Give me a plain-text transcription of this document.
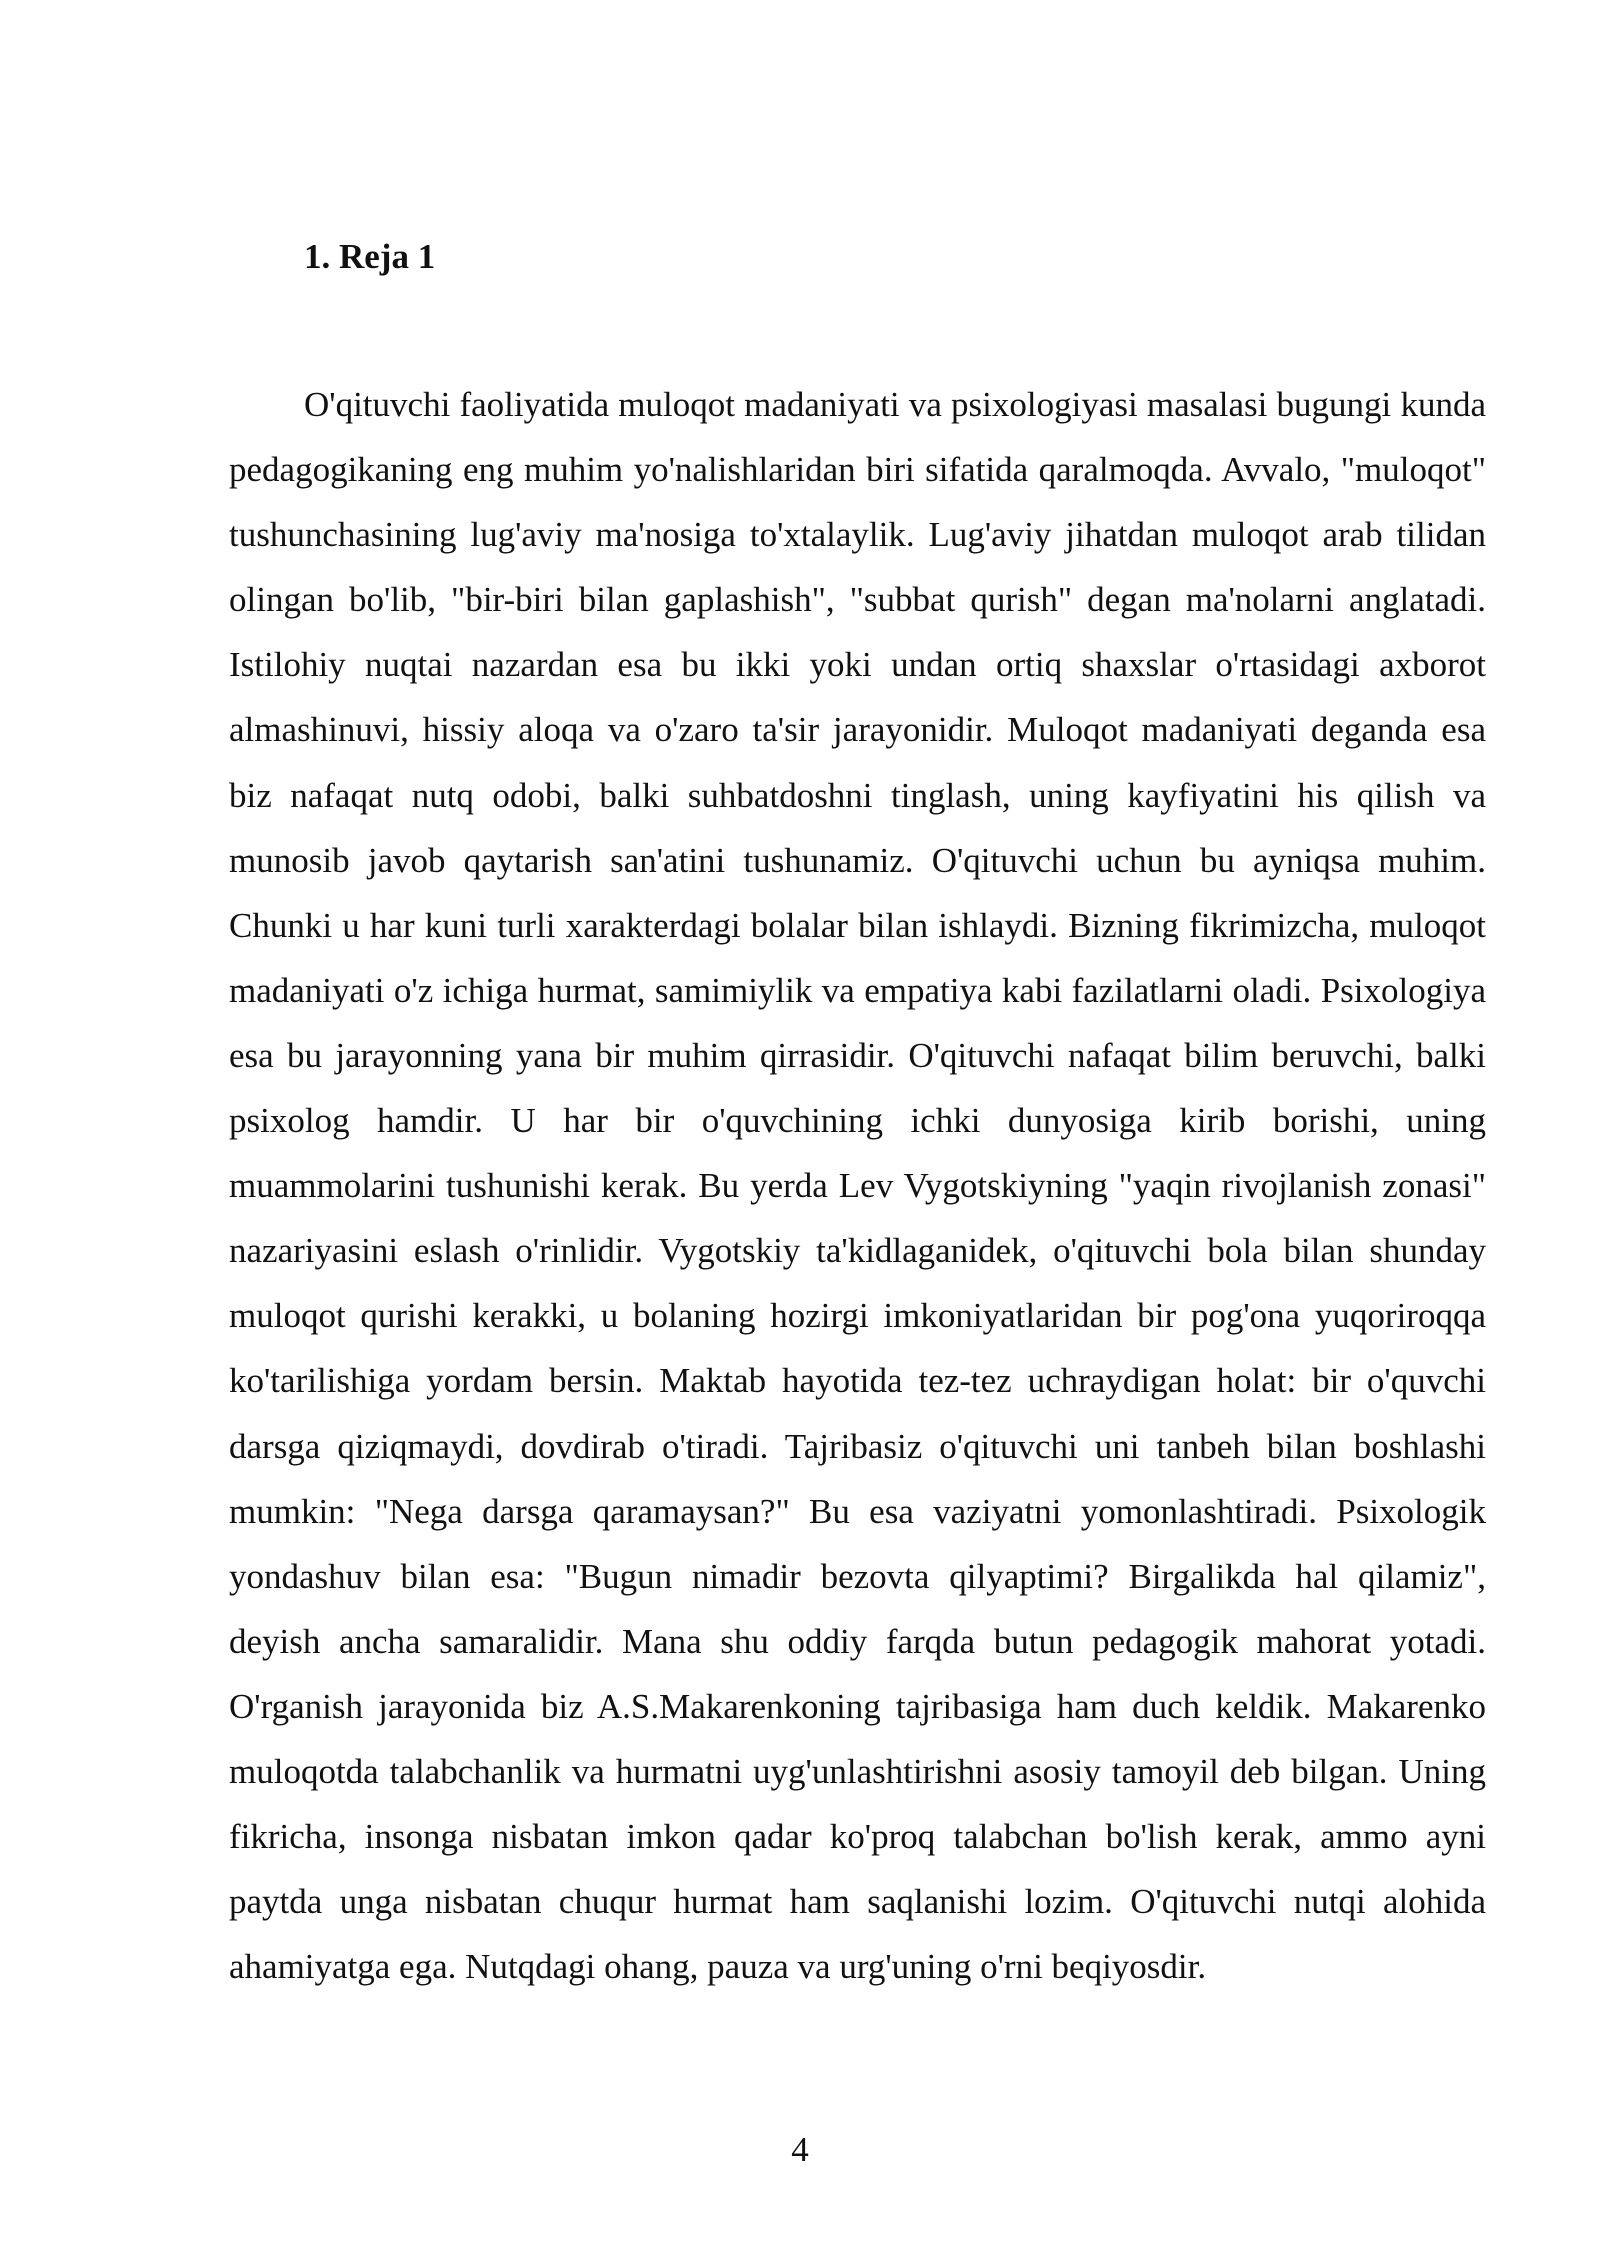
1. Reja 1

O'qituvchi faoliyatida muloqot madaniyati va psixologiyasi masalasi bugungi kunda pedagogikaning eng muhim yo'nalishlaridan biri sifatida qaralmoqda. Avvalo, "muloqot" tushunchasining lug'aviy ma'nosiga to'xtalaylik. Lug'aviy jihatdan muloqot arab tilidan olingan bo'lib, "bir-biri bilan gaplashish", "subbat qurish" degan ma'nolarni anglatadi. Istilohiy nuqtai nazardan esa bu ikki yoki undan ortiq shaxslar o'rtasidagi axborot almashinuvi, hissiy aloqa va o'zaro ta'sir jarayonidir. Muloqot madaniyati deganda esa biz nafaqat nutq odobi, balki suhbatdoshni tinglash, uning kayfiyatini his qilish va munosib javob qaytarish san'atini tushunamiz. O'qituvchi uchun bu ayniqsa muhim. Chunki u har kuni turli xarakterdagi bolalar bilan ishlaydi. Bizning fikrimizcha, muloqot madaniyati o'z ichiga hurmat, samimiylik va empatiya kabi fazilatlarni oladi. Psixologiya esa bu jarayonning yana bir muhim qirrasidir. O'qituvchi nafaqat bilim beruvchi, balki psixolog hamdir. U har bir o'quvchining ichki dunyosiga kirib borishi, uning muammolarini tushunishi kerak. Bu yerda Lev Vygotskiyning "yaqin rivojlanish zonasi" nazariyasini eslash o'rinlidir. Vygotskiy ta'kidlaganidek, o'qituvchi bola bilan shunday muloqot qurishi kerakki, u bolaning hozirgi imkoniyatlaridan bir pog'ona yuqoriroqqa ko'tarilishiga yordam bersin. Maktab hayotida tez-tez uchraydigan holat: bir o'quvchi darsga qiziqmaydi, dovdirab o'tiradi. Tajribasiz o'qituvchi uni tanbeh bilan boshlashi mumkin: "Nega darsga qaramaysan?" Bu esa vaziyatni yomonlashtiradi. Psixologik yondashuv bilan esa: "Bugun nimadir bezovta qilyaptimi? Birgalikda hal qilamiz", deyish ancha samaralidir. Mana shu oddiy farqda butun pedagogik mahorat yotadi. O'rganish jarayonida biz A.S.Makarenkoning tajribasiga ham duch keldik. Makarenko muloqotda talabchanlik va hurmatni uyg'unlashtirishni asosiy tamoyil deb bilgan. Uning fikricha, insonga nisbatan imkon qadar ko'proq talabchan bo'lish kerak, ammo ayni paytda unga nisbatan chuqur hurmat ham saqlanishi lozim. O'qituvchi nutqi alohida ahamiyatga ega. Nutqdagi ohang, pauza va urg'uning o'rni beqiyosdir.

4
